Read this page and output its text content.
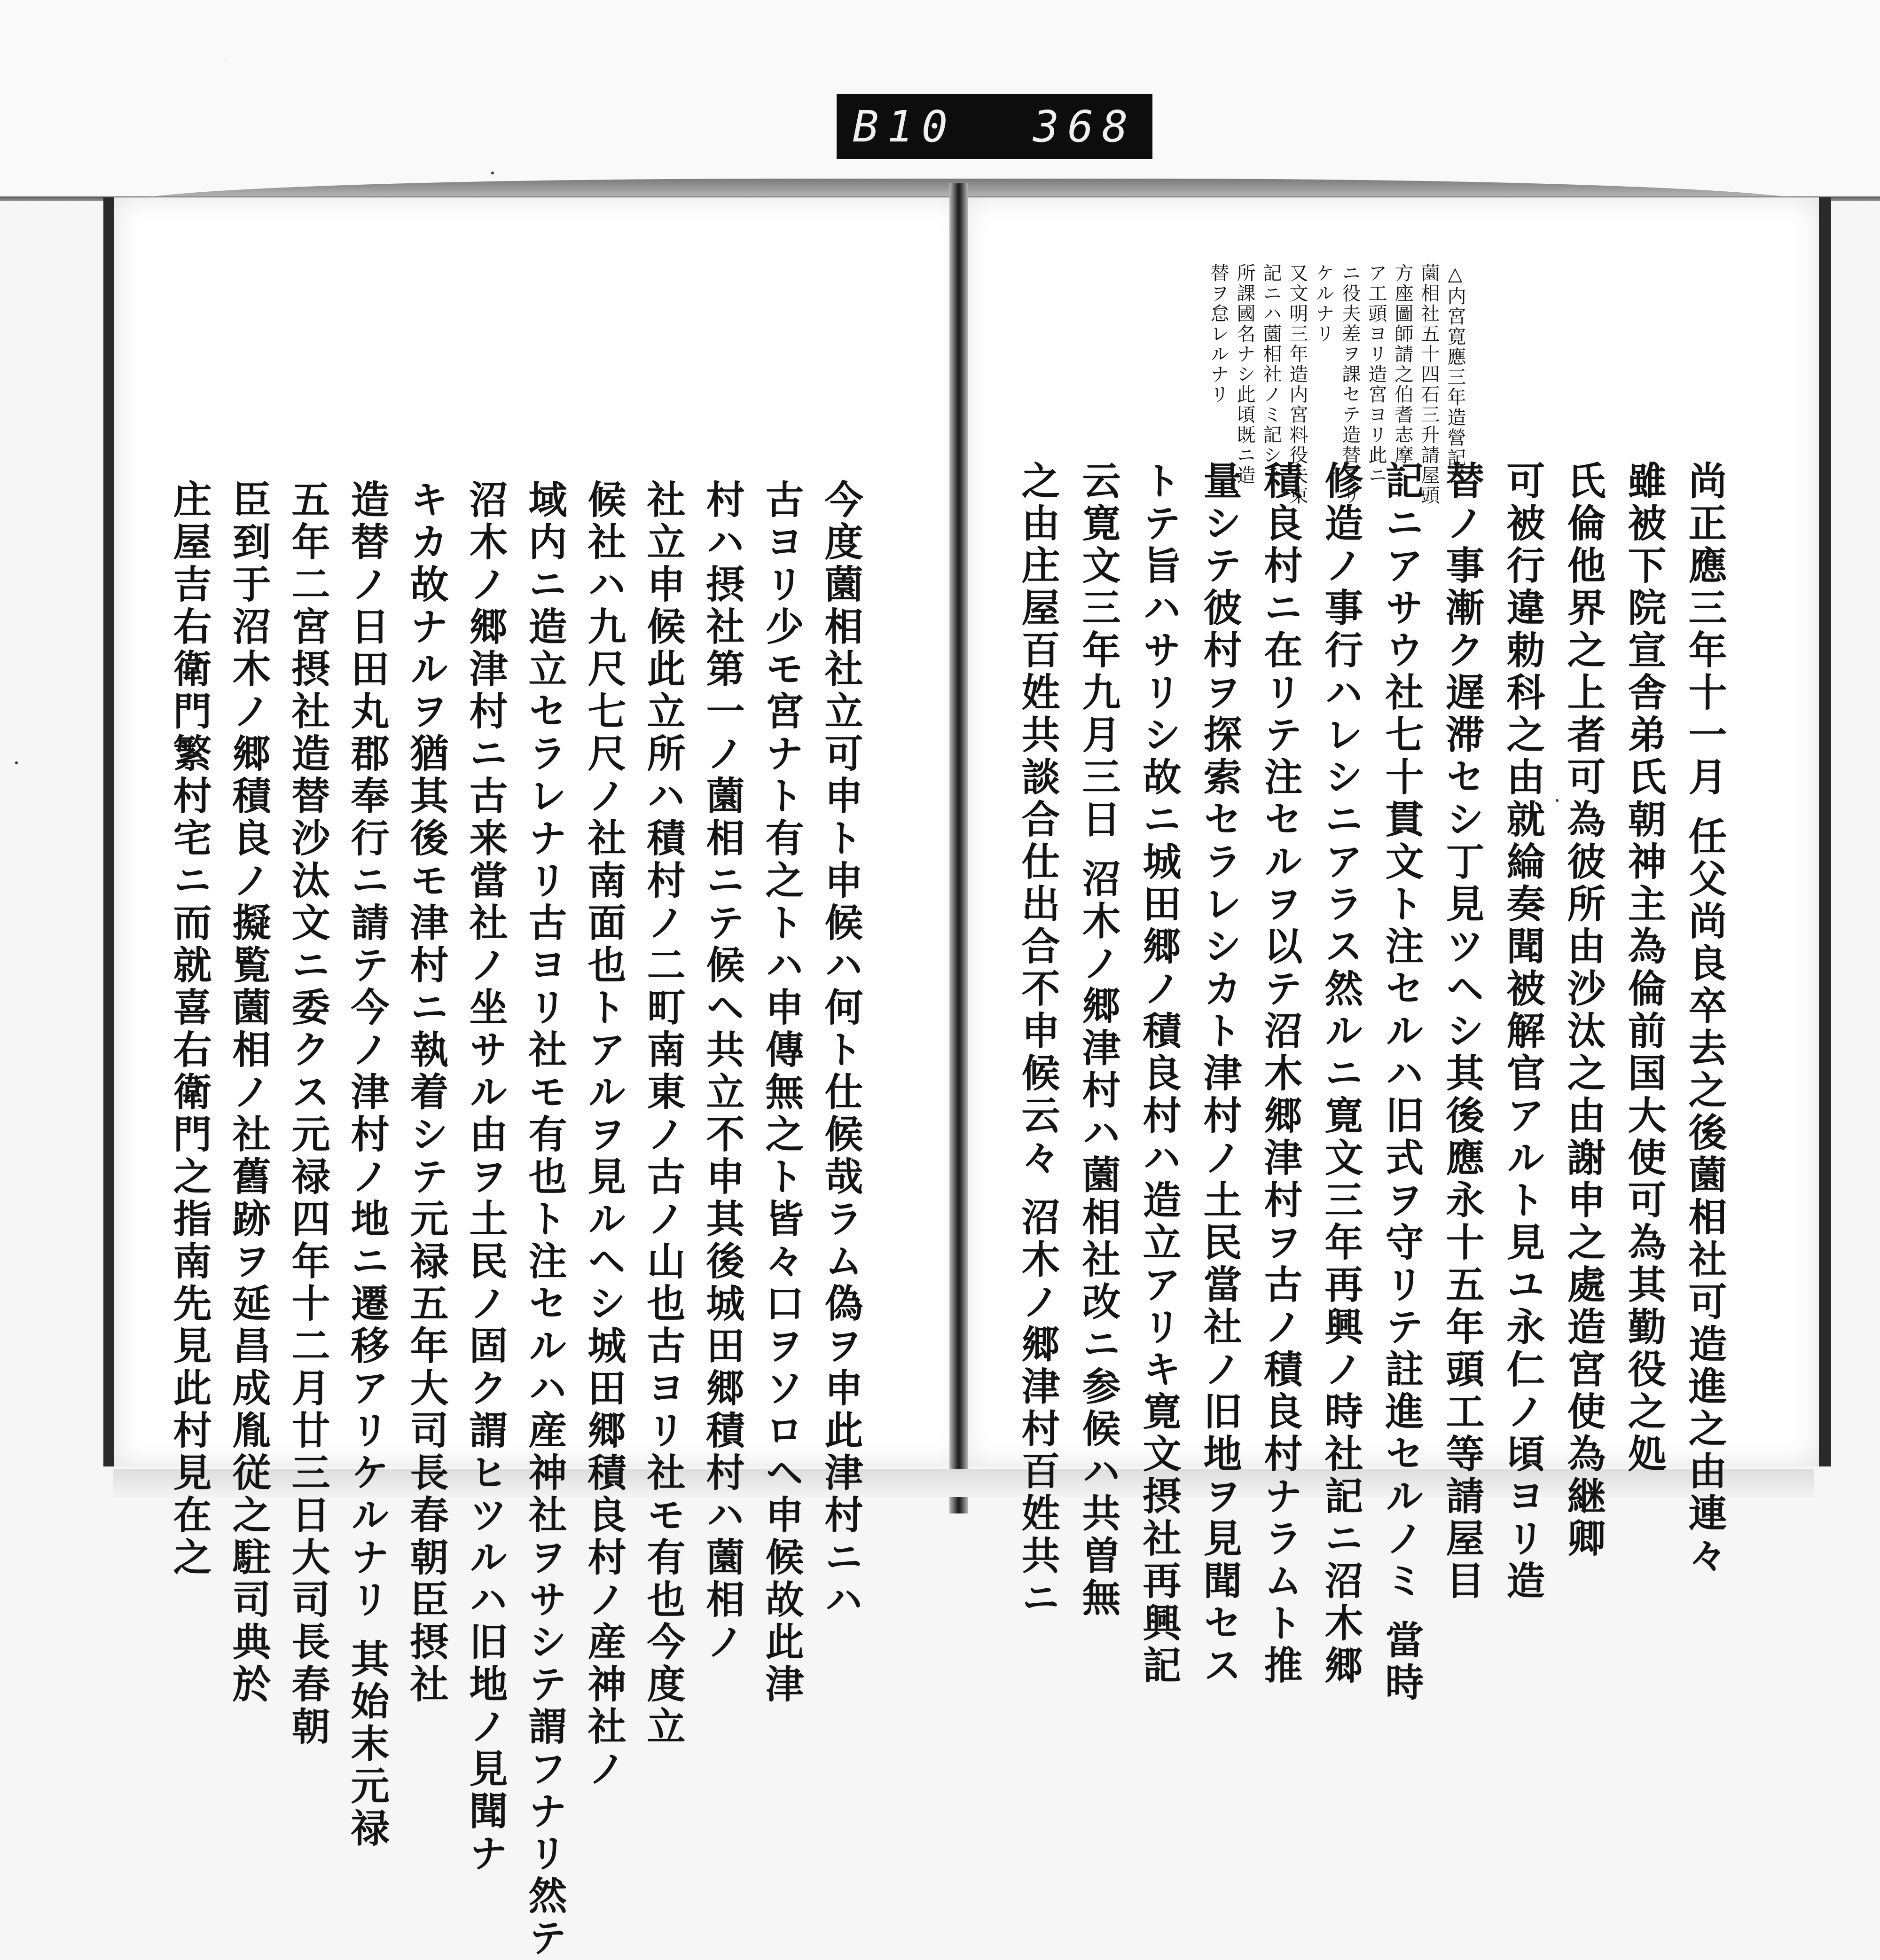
B10 368
△内宮寛應三年造營記ニ
薗相社五十四石三升請屋頭
方座圖師請之伯耆志摩
ア工頭ヨリ造宮ヨリ此ニ
ニ役夫差ヲ課セテ造替アリ
ケルナリ
又文明三年造内宮料役夫束
記ニハ薗相社ノミ記シテ
所課國名ナシ此頃既ニ造
替ヲ怠レルナリ
尚正應三年十一月 任父尚良卒去之後薗相社可造進之由連々
雖被下院宣舎弟氏朝神主為倫前国大使可為其勤役之処
氏倫他界之上者可為彼所由沙汰之由謝申之處造宮使為継卿
可被行違勅科之由就綸奏聞被解官アルト見ユ永仁ノ頃ヨリ造
替ノ事漸ク遅滞セシ丁見ツヘシ其後應永十五年頭工等請屋目
記ニアサウ社七十貫文ト注セルハ旧式ヲ守リテ註進セルノミ 當時
修造ノ事行ハレシニアラス然ルニ寛文三年再興ノ時社記ニ沼木郷
積良村ニ在リテ注セルヲ以テ沼木郷津村ヲ古ノ積良村ナラムト推
量シテ彼村ヲ探索セラレシカト津村ノ土民當社ノ旧地ヲ見聞セス
トテ旨ハサリシ故ニ城田郷ノ積良村ハ造立アリキ寛文摂社再興記
云寛文三年九月三日 沼木ノ郷津村ハ薗相社改ニ参候ハ共曽無
之由庄屋百姓共談合仕出合不申候云々 沼木ノ郷津村百姓共ニ
今度薗相社立可申ト申候ハ何ト仕候哉ラム偽ヲ申此津村ニハ
古ヨリ少モ宮ナト有之トハ申傳無之ト皆々口ヲソロヘ申候故此津
村ハ摂社第一ノ薗相ニテ候ヘ共立不申其後城田郷積村ハ薗相ノ
社立申候此立所ハ積村ノ二町南東ノ古ノ山也古ヨリ社モ有也今度立
候社ハ九尺七尺ノ社南面也トアルヲ見ルヘシ城田郷積良村ノ産神社ノ
域内ニ造立セラレナリ古ヨリ社モ有也ト注セルハ産神社ヲサシテ謂フナリ然テ
沼木ノ郷津村ニ古来當社ノ坐サル由ヲ土民ノ固ク謂ヒツルハ旧地ノ見聞ナ
キカ故ナルヲ猶其後モ津村ニ執着シテ元禄五年大司長春朝臣摂社
造替ノ日田丸郡奉行ニ請テ今ノ津村ノ地ニ遷移アリケルナリ 其始末元禄
五年二宮摂社造替沙汰文ニ委クス元禄四年十二月廿三日大司長春朝
臣到于沼木ノ郷積良ノ擬覧薗相ノ社舊跡ヲ延昌成胤従之駐司典於
庄屋吉右衛門繁村宅ニ而就喜右衛門之指南先見此村見在之
